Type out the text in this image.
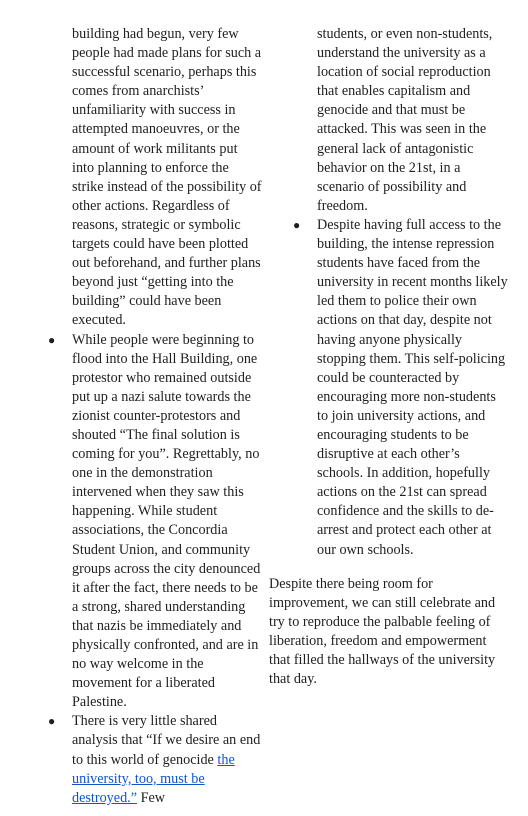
building had begun, very few people had made plans for such a successful scenario, perhaps this comes from anarchists’ unfamiliarity with success in attempted manoeuvres, or the amount of work militants put into planning to enforce the strike instead of the possibility of other actions. Regardless of reasons, strategic or symbolic targets could have been plotted out beforehand, and further plans beyond just “getting into the building” could have been executed.

● While people were beginning to flood into the Hall Building, one protestor who remained outside put up a nazi salute towards the zionist counter-protestors and shouted “The final solution is coming for you”. Regrettably, no one in the demonstration intervened when they saw this happening. While student associations, the Concordia Student Union, and community groups across the city denounced it after the fact, there needs to be a strong, shared understanding that nazis be immediately and physically confronted, and are in no way welcome in the movement for a liberated Palestine.
● There is very little shared analysis that “If we desire an end to this world of genocide the university, too, must be destroyed.” Few

students, or even non-students, understand the university as a location of social reproduction that enables capitalism and genocide and that must be attacked. This was seen in the general lack of antagonistic behavior on the 21st, in a scenario of possibility and freedom.

● Despite having full access to the building, the intense repression students have faced from the university in recent months likely led them to police their own actions on that day, despite not having anyone physically stopping them. This self-policing could be counteracted by encouraging more non-students to join university actions, and encouraging students to be disruptive at each other’s schools. In addition, hopefully actions on the 21st can spread confidence and the skills to de-arrest and protect each other at our own schools.

Despite there being room for improvement, we can still celebrate and try to reproduce the palbable feeling of liberation, freedom and empowerment that filled the hallways of the university that day.
